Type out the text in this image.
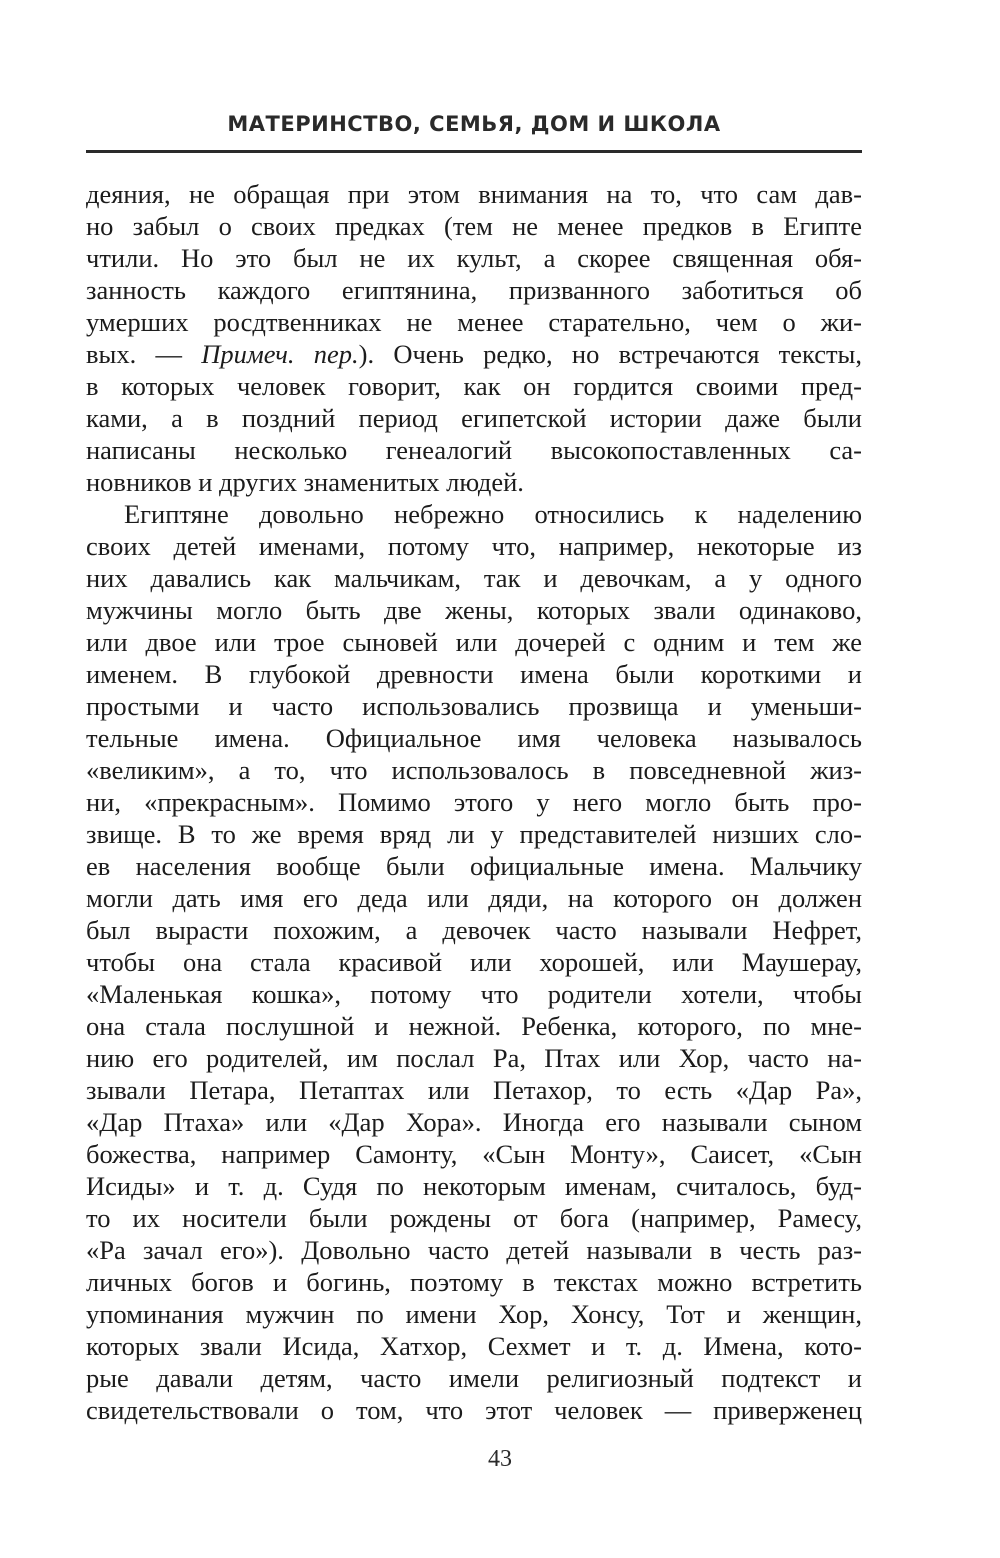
МАТЕРИНСТВО, СЕМЬЯ, ДОМ И ШКОЛА
деяния, не обращая при этом внимания на то, что сам дав-
но забыл о своих предках (тем не менее предков в Египте
чтили. Но это был не их культ, а скорее священная обя-
занность каждого египтянина, призванного заботиться об
умерших росдтвенниках не менее старательно, чем о жи-
вых. — Примеч. пер.). Очень редко, но встречаются тексты,
в которых человек говорит, как он гордится своими пред-
ками, а в поздний период египетской истории даже были
написаны несколько генеалогий высокопоставленных са-
новников и других знаменитых людей.
Египтяне довольно небрежно относились к наделению
своих детей именами, потому что, например, некоторые из
них давались как мальчикам, так и девочкам, а у одного
мужчины могло быть две жены, которых звали одинаково,
или двое или трое сыновей или дочерей с одним и тем же
именем. В глубокой древности имена были короткими и
простыми и часто использовались прозвища и уменьши-
тельные имена. Официальное имя человека называлось
«великим», а то, что использовалось в повседневной жиз-
ни, «прекрасным». Помимо этого у него могло быть про-
звище. В то же время вряд ли у представителей низших сло-
ев населения вообще были официальные имена. Мальчику
могли дать имя его деда или дяди, на которого он должен
был вырасти похожим, а девочек часто называли Нефрет,
чтобы она стала красивой или хорошей, или Маушерау,
«Маленькая кошка», потому что родители хотели, чтобы
она стала послушной и нежной. Ребенка, которого, по мне-
нию его родителей, им послал Ра, Птах или Хор, часто на-
зывали Петара, Петаптах или Петахор, то есть «Дар Ра»,
«Дар Птаха» или «Дар Хора». Иногда его называли сыном
божества, например Самонту, «Сын Монту», Саисет, «Сын
Исиды» и т. д. Судя по некоторым именам, считалось, буд-
то их носители были рождены от бога (например, Рамесу,
«Ра зачал его»). Довольно часто детей называли в честь раз-
личных богов и богинь, поэтому в текстах можно встретить
упоминания мужчин по имени Хор, Хонсу, Тот и женщин,
которых звали Исида, Хатхор, Сехмет и т. д. Имена, кото-
рые давали детям, часто имели религиозный подтекст и
свидетельствовали о том, что этот человек — приверженец
43
